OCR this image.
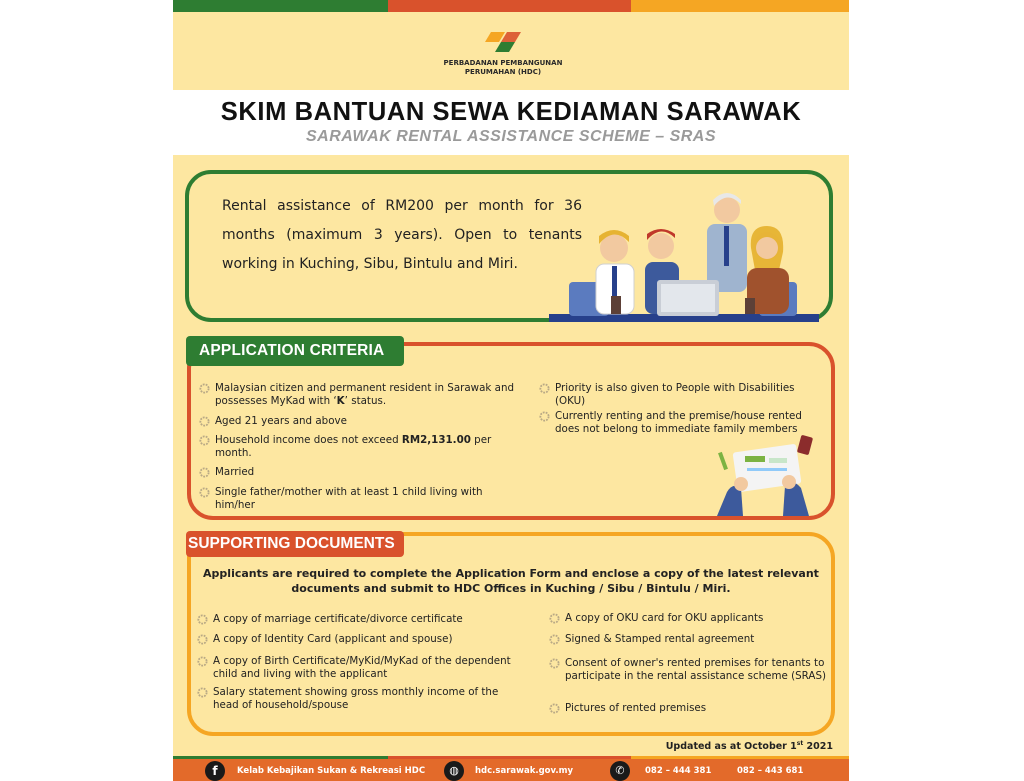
PERBADANAN PEMBANGUNAN
PERUMAHAN (HDC)
SKIM BANTUAN SEWA KEDIAMAN SARAWAK
SARAWAK RENTAL ASSISTANCE SCHEME – SRAS
Rental assistance of RM200 per month for 36 months (maximum 3 years). Open to tenants working in Kuching, Sibu, Bintulu and Miri.
APPLICATION CRITERIA
Malaysian citizen and permanent resident in Sarawak and possesses MyKad with ‘K’ status.
Aged 21 years and above
Household income does not exceed RM2,131.00 per month.
Married
Single father/mother with at least 1 child living with him/her
Priority is also given to People with Disabilities (OKU)
Currently renting and the premise/house rented does not belong to immediate family members
SUPPORTING DOCUMENTS
Applicants are required to complete the Application Form and enclose a copy of the latest relevant documents and submit to HDC Offices in Kuching / Sibu / Bintulu / Miri.
A copy of marriage certificate/divorce certificate
A copy of Identity Card (applicant and spouse)
A copy of Birth Certificate/MyKid/MyKad of the dependent child and living with the applicant
Salary statement showing gross monthly income of the head of household/spouse
A copy of OKU card for OKU applicants
Signed & Stamped rental agreement
Consent of owner's rented premises for tenants to participate in the rental assistance scheme (SRAS)
Pictures of rented premises
Updated as at October 1st 2021
f	Kelab Kebajikan Sukan & Rekreasi HDC	◍	hdc.sarawak.gov.my	✆	082 – 444 381	082 – 443 681
